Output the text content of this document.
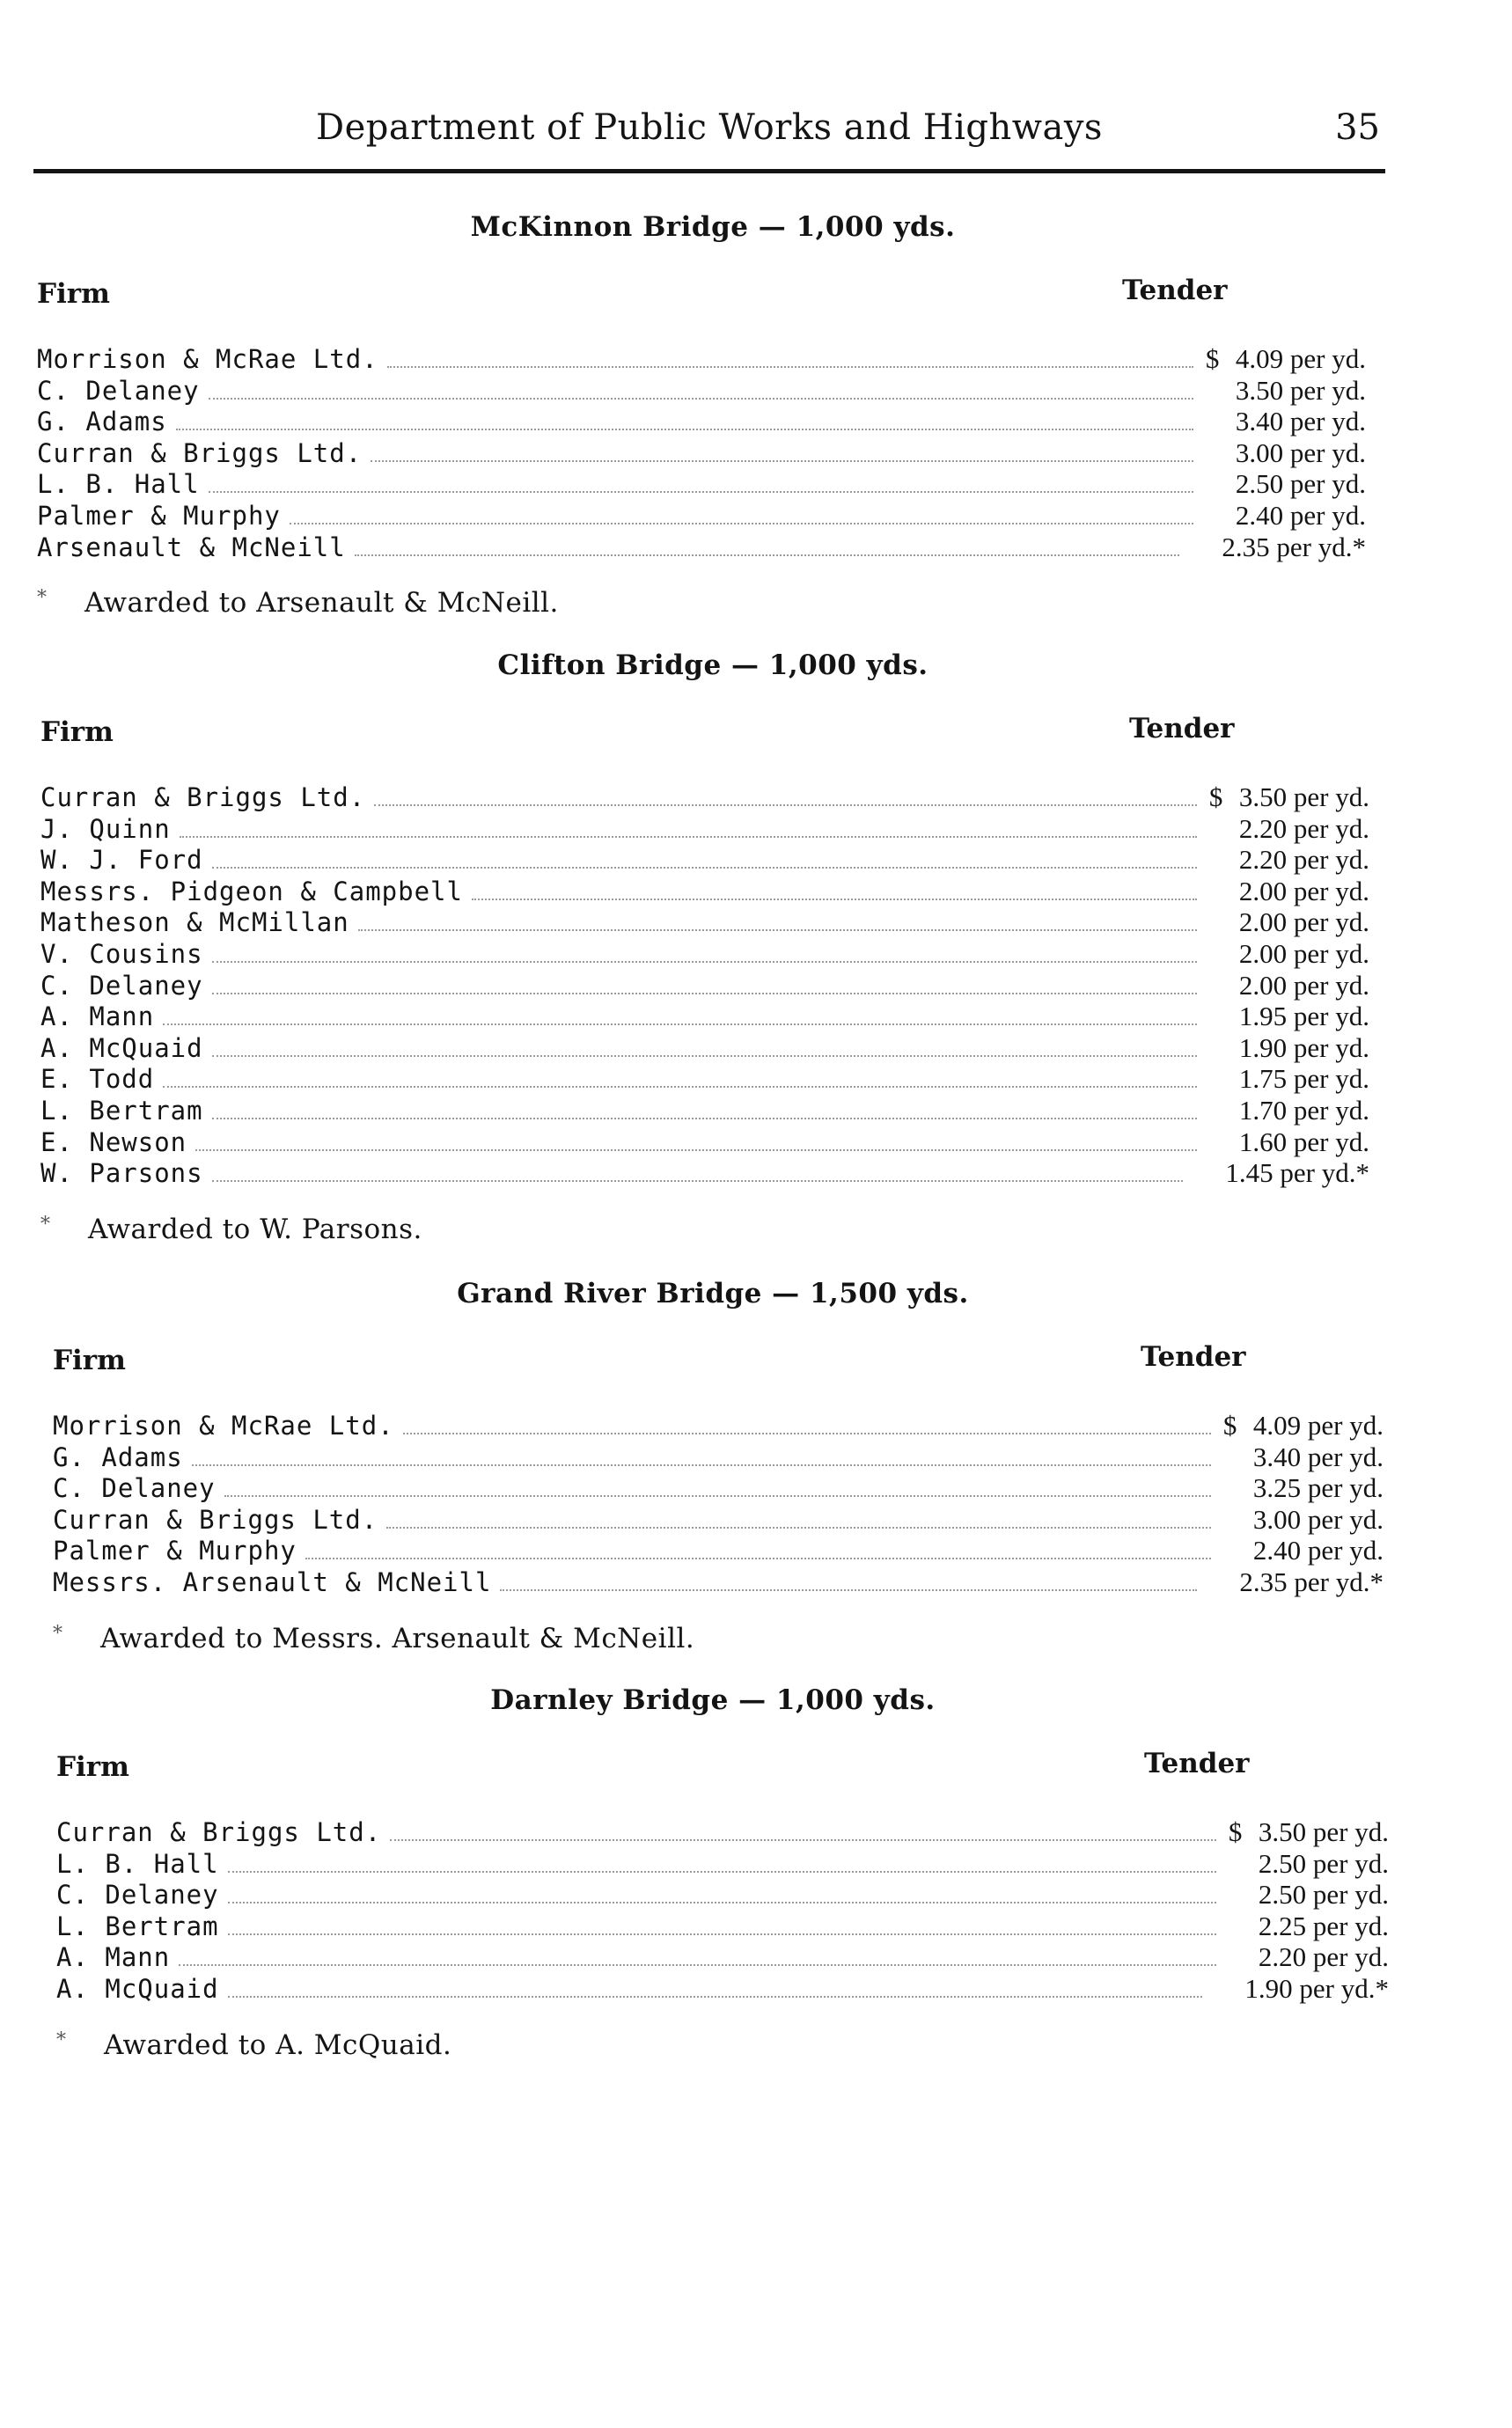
Department of Public Works and Highways	35
McKinnon Bridge — 1,000 yds.
Firm	Tender
Morrison & McRae Ltd.	$ 4.09 per yd.
C. Delaney	3.50 per yd.
G. Adams	3.40 per yd.
Curran & Briggs Ltd.	3.00 per yd.
L. B. Hall	2.50 per yd.
Palmer & Murphy	2.40 per yd.
Arsenault & McNeill	2.35 per yd.*
* Awarded to Arsenault & McNeill.
Clifton Bridge — 1,000 yds.
Firm	Tender
Curran & Briggs Ltd.	$ 3.50 per yd.
J. Quinn	2.20 per yd.
W. J. Ford	2.20 per yd.
Messrs. Pidgeon & Campbell	2.00 per yd.
Matheson & McMillan	2.00 per yd.
V. Cousins	2.00 per yd.
C. Delaney	2.00 per yd.
A. Mann	1.95 per yd.
A. McQuaid	1.90 per yd.
E. Todd	1.75 per yd.
L. Bertram	1.70 per yd.
E. Newson	1.60 per yd.
W. Parsons	1.45 per yd.*
* Awarded to W. Parsons.
Grand River Bridge — 1,500 yds.
Firm	Tender
Morrison & McRae Ltd.	$ 4.09 per yd.
G. Adams	3.40 per yd.
C. Delaney	3.25 per yd.
Curran & Briggs Ltd.	3.00 per yd.
Palmer & Murphy	2.40 per yd.
Messrs. Arsenault & McNeill	2.35 per yd.*
* Awarded to Messrs. Arsenault & McNeill.
Darnley Bridge — 1,000 yds.
Firm	Tender
Curran & Briggs Ltd.	$ 3.50 per yd.
L. B. Hall	2.50 per yd.
C. Delaney	2.50 per yd.
L. Bertram	2.25 per yd.
A. Mann	2.20 per yd.
A. McQuaid	1.90 per yd.*
* Awarded to A. McQuaid.
